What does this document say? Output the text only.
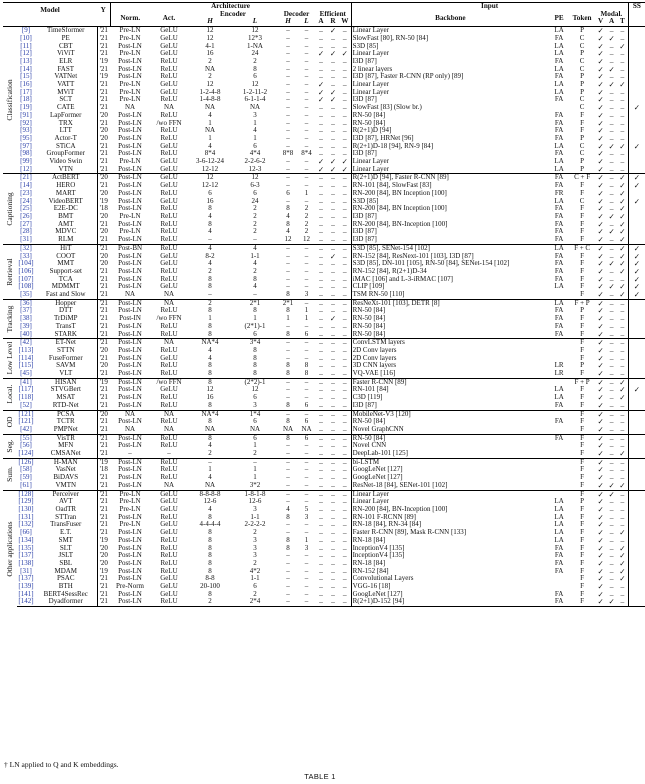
Model			Y	Architecture									Input						SS
				Norm.	Act.	Encoder		Decoder		Efficient			Backbone	PE	Token	Modal.			
						H	L	H	L	A	R	W				V	A	T	

Classification	[9]	TimeSformer	'21	Pre-LN	GeLU	12	12	–	–	–	✓	–	Linear Layer	LA	P	✓	–	–	
	[10]	PE	'21	Pre-LN	GeLU	12	12*3	–	–	–	–	–	SlowFast [80], RN-50 [84]	FA	C	✓	✓	–	
	[11]	CBT	'21	Post-LN	GeLU	4-1	1-NA	–	–	–	–	–	S3D [85]	LA	C	✓	–	✓	
	[12]	ViViT	'21	Pre-LN	GeLU	16	24	–	–	✓	✓	✓	Linear Layer	LA	P	✓	–	–	
	[13]	ELR	'19	Post-LN	ReLU	2	2	–	–	–	–	–	I3D [87]	FA	C	✓	–	–	
	[14]	FAST	'21	Post-LN	ReLU	NA	8	–	–	–	–	–	2 linear layers	LA	C	✓	✓	–	
	[15]	VATNet	'19	Post-LN	ReLU	2	6	–	–	–	–	–	I3D [87], Faster R-CNN (RP only) [89]	FA	P	✓	–	–	
	[16]	VATT	'21	Pre-LN	GeLU	12	12	–	–	✓	–	–	Linear Layer	LA	P	✓	✓	✓	
	[17]	MViT	'21	Pre-LN	GeLU	1-2-4-8	1-2-11-2	–	–	✓	✓	–	Linear Layer	LA	P	✓	–	–	
	[18]	SCT	'21	Pre-LN	ReLU	1-4-8-8	6-1-1-4	–	–	✓	✓	–	I3D [87]	FA	C	✓	–	–	
	[19]	CATE	'21	NA	NA	NA	NA	–	–	–	–	–	SlowFast [83] (Slow br.)		C	✓	–	–	✓
	[91]	LapFormer	'20	Post-LN	ReLU	4	3	–	–	–	–	–	RN-50 [84]	FA	F	✓	–	–	
	[92]	TRX	'21	Post-LN	/wo FFN	1	1	–	–	–	–	–	RN-50 [84]	FA	F	✓	–	–	
	[93]	LTT	'20	Post-LN	ReLU	NA	4	–	–	–	–	–	R(2+1)D [94]	FA	F	✓	–	–	
	[95]	Actor-T	'20	Post-LN	ReLU	1	1	–	–	–	–	–	I3D [87], HRNet [96]	FA	P	✓	–	–	
	[97]	STiCA	'21	Post-LN	GeLU	4	6	–	–	–	–	–	R(2+1)D-18 [94], RN-9 [84]	LA	C	✓	✓	✓	✓
	[98]	GroupFormer	'21	Post-LN	ReLU	8*4	4*4	8*8	8*4	–	–	–	I3D [87]	FA	C	✓	–	–	
	[99]	Video Swin	'21	Pre-LN	GeLU	3-6-12-24	2-2-6-2	–	–	✓	✓	✓	Linear Layer	LA	P	✓	–	–	
	[12]	VTN	'21	Post-LN	GeLU	12-12	12-3	–	–	✓	✓	✓	Linear Layer	LA	P	✓	–	–	

Captioning	[21]	ActBERT	'20	Post-LN	GeLU	12	12	–	–	–	–	–	R(2+1)D [94], Faster R-CNN [89]	FA	C + F	✓	–	✓	✓
	[14]	HERO	'21	Post-LN	GeLU	12-12	6-3	–	–	–	–	–	RN-101 [84], SlowFast [83]	FA	F	✓	–	✓	✓
	[23]	MART	'20	Post-LN	ReLU	6	6	6	1	–	–	–	RN-200 [84], BN Inception [100]	FR	F	✓	–	✓	
	[24]	VideoBERT	'19	Post-LN	GeLU	16	24	–	–	–	–	–	S3D [85]	LA	C	✓	–	✓	✓
	[25]	E2E-DC	'18	Post-LN	ReLU	8	2	8	2	–	–	–	RN-200 [84], BN Inception [100]	FA	F	✓	–	✓	
	[26]	BMT	'20	Pre-LN	ReLU	4	2	4	2	–	–	–	I3D [87]	FA	F	✓	✓	✓	
	[27]	AMT	'21	Post-LN	ReLU	8	2	8	2	–	–	–	RN-200 [84], BN-Inception [100]	FA	F	✓	–	✓	
	[28]	MDVC	'20	Pre-LN	ReLU	4	2	4	2	–	–	–	I3D [87]	FA	F	✓	✓	✓	
	[31]	RLM	'21	Post-LN	ReLU	–	–	12	12	–	–	–	I3D [87]	FA	F	✓	–	✓	

Retrieval	[32]	HiT	'21	Post-BN	ReLU	4	4	–	–	–	–	–	S3D [85], SENet-154 [102]	LA	F + C	✓	–	✓	✓
	[33]	COOT	'20	Post-LN	GeLU	8-2	1-1	–	–	–	✓	–	RN-152 [84], ResNext-101 [103], I3D [87]	FA	F	✓	–	✓	✓
	[104]	MMT	'20	Post-LN	GeLU	4	4	–	–	–	–	–	S3D [85], DN-101 [105], RN-50 [84], SENet-154 [102]	FA	F	✓	✓	✓	✓
	[106]	Support-set	'21	Post-LN	ReLU	2	2	–	–	–	–	–	RN-152 [84], R(2+1)D-34	FA	F	✓	–	✓	✓
	[107]	TCA	'21	Post-LN	ReLU	8	8	–	–	–	–	–	iMAC [106] and L-3-iRMAC [107]	FA	F	✓	–	–	✓
	[108]	MDMMT	'21	Post-LN	GeLU	8	4	–	–	–	–	–	CLIP [109]	LA	F	✓	✓	✓	✓
	[35]	Fast and Slow	'21	NA	NA	–	–	8	3	–	–	–	TSM RN-50 [110]		F	✓	–	✓	✓

Tracking	[36]	Hopper	'21	Post-LN	NA	2	2*1	2*1	–	–	–	–	ResNeXt-101 [103], DETR [8]	LA	F + P	✓	–	–	
	[37]	DTT	'21	Post-LN	ReLU	8	8	8	1	–	–	–	RN-50 [84]	FA	P	✓	–	–	
	[38]	TrDiMP	'21	Post-IN	/wo FFN	1	1	1	1	–	✓	–	RN-50 [84]	FA	F	✓	–	–	
	[39]	TransT	'21	Post-LN	ReLU	8	(2*1)-1	–	–	–	–	–	RN-50 [84]	FA	F	✓	–	–	
	[40]	STARK	'21	Post-LN	ReLU	8	6	8	6	–	–	–	RN-50 [84]	FA	F	✓	–	–	

Low Level	[42]	ET-Net	'21	Post-LN	NA	NA*4	3*4	–	–	–	–	–	ConvLSTM layers		F	✓	–	–	
	[113]	STTN	'20	Post-LN	ReLU	4	8	–	–	–	–	–	2D Conv layers		F	✓	–	–	
	[114]	FuseFormer	'21	Post-LN	GeLU	4	8	–	–	–	–	–	2D Conv layers		F	✓	–	–	
	[115]	SAVM	'20	Post-LN	ReLU	8	8	8	8	–	–	–	3D CNN layers	LR	P	✓	–	–	
	[45]	VLT	'21	Post-LN	ReLU	8	8	8	8	–	–	–	VQ-VAE [116]	LR	F	✓	–	–	

Local.	[41]	HISAN	'19	Post-LN	/wo FFN	8	(2*2)-1	–	–	–	–	–	Faster R-CNN [89]		F + P	✓	–	✓	
	[117]	STVGBert	'21	Post-LN	GeLU	12	12	–	–	–	–	–	RN-101 [84]	LA	F	✓	–	✓	✓
	[118]	MSAT	'21	Post-LN	ReLU	16	6	–	–	–	–	–	C3D [119]	LA	F	✓	–	✓	
	[52]	RTD-Net	'21	Post-LN	ReLU	8	3	8	6	–	–	–	I3D [87]	FA	F	✓	–	–	

OD	[121]	PCSA	'20	NA	NA	NA*4	1*4	–	–	–	–	–	MobileNet-V3 [120]		F	✓	–	–	
	[121]	TCTR	'21	Post-LN	ReLU	8	6	8	6	–	–	–	RN-50 [84]	FA	F	✓	–	–	
	[42]	PMPNet	'21	NA	NA	NA	NA	NA	NA	–	–	–	Novel GraphCNN		F	✓	–	–	

Seg.	[55]	VisTR	'21	Post-LN	ReLU	8	6	8	6	–	–	–	RN-50 [84]	FA	F	✓	–	–	
	[56]	MFN	'21	Post-LN	ReLU	4	1	–	–	–	–	–	Novel CNN		F	✓	–	–	
	[124]	CMSANet	'21	–	–	2	2	–	–	–	–	–	DeepLab-101 [125]		F	✓	–	✓	

Sum.	[126]	H-MAN	'19	Post-LN	ReLU	–	–	–	–	–	–	–	bi-LSTM		F	✓	–	–	
	[58]	VasNet	'18	Post-LN	ReLU	1	1	–	–	–	–	–	GoogLeNet [127]		F	✓	–	–	
	[59]	BiDAVS	'21	Post-LN	ReLU	4	1	–	–	–	–	–	GoogLeNet [127]		F	✓	–	–	
	[61]	VMTN	'21	Post-LN	NA	NA	3*2	–	–	–	–	–	ResNet-18 [84], SENet-101 [102]		F	✓	✓	✓	

Other applications	[128]	Perceiver	'21	Pre-LN	GeLU	8-8-8-8	1-8-1-8	–	–	–	–	–	Linear Layer		F	✓	✓	–	
	[129]	AVT	'21	Pre-LN	GeLU	12-6	12-6	–	–	–	–	–	Linear Layer	LA	P	✓	–	–	
	[130]	OadTR	'21	Pre-LN	GeLU	4	3	4	5	–	–	–	RN-200 [84], BN-Inception [100]	LA	F	✓	–	–	
	[131]	STTran	'21	Post-LN	ReLU	8	1-1	8	3	–	–	–	RN-101 F-RCNN [89]	LA	F	✓	–	–	
	[132]	TransFuser	'21	Pre-LN	GeLU	4-4-4-4	2-2-2-2	–	–	–	–	–	RN-18 [84], RN-34 [84]	LA	F	✓	–	–	
	[66]	E.T.	'21	Post-LN	GeLU	8	2	–	–	–	–	–	Faster R-CNN [89], Mask R-CNN [133]	LA	F	✓	–	✓	
	[134]	SMT	'19	Post-LN	ReLU	8	3	8	1	–	–	–	RN-18 [84]	LA	F	✓	–	–	
	[135]	SLT	'20	Post-LN	ReLU	8	3	8	3	–	–	–	InceptionV4 [135]	FA	F	✓	–	✓	
	[137]	JSLT	'20	Post-LN	ReLU	8	3	–	–	–	–	–	InceptionV4 [135]	FA	F	✓	–	✓	
	[138]	SBL	'20	Post-LN	ReLU	8	2	–	–	–	–	–	RN-18 [84]	FA	F	✓	–	✓	
	[31]	MDAM	'19	Post-LN	ReLU	8	4*2	–	–	–	–	–	RN-152 [84]	FA	F	✓	–	✓	
	[137]	PSAC	'21	Post-LN	GeLU	8-8	1-1	–	–	–	–	–	Convolutional Layers		F	✓	–	✓	
	[139]	BTH	'21	Pre-Norm	GeLU	20-100	6	–	–	–	–	–	VGG-16 [18]		F	✓	–	–	
	[141]	BERT4SessRec	'21	Post-LN	GeLU	8	2	–	–	–	–	–	GoogLeNet [127]	FA	F	✓	–	–	
	[142]	Dyadformer	'21	Post-LN	ReLU	2	2*4	–	–	–	–	–	R(2+1)D-152 [94]	FA	F	✓	✓	–	
† LN applied to Q and K embeddings.
TABLE 1
